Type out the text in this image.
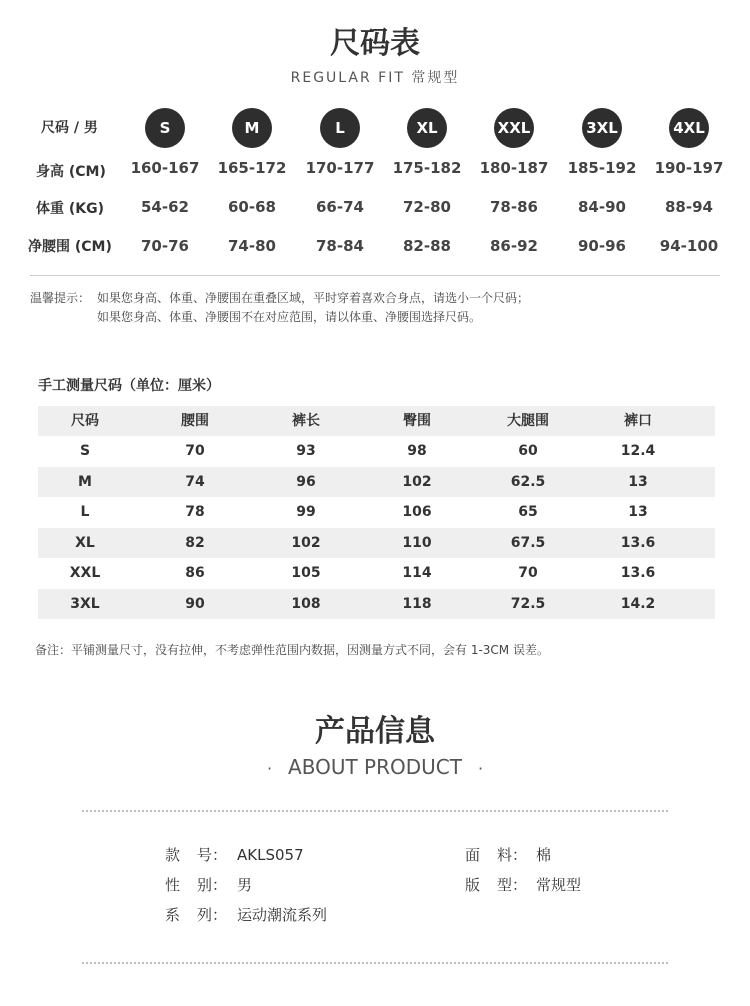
尺码表
REGULAR FIT 常规型
尺码 / 男	S	M	L	XL	XXL	3XL	4XL
身高 (CM)	160-167	165-172	170-177	175-182	180-187	185-192	190-197
体重 (KG)	54-62	60-68	66-74	72-80	78-86	84-90	88-94
净腰围 (CM)	70-76	74-80	78-84	82-88	86-92	90-96	94-100
温馨提示： 如果您身高、体重、净腰围在重叠区域，平时穿着喜欢合身点，请选小一个尺码；
如果您身高、体重、净腰围不在对应范围，请以体重、净腰围选择尺码。
手工测量尺码（单位：厘米）
尺码	腰围	裤长	臀围	大腿围	裤口
S	70	93	98	60	12.4
M	74	96	102	62.5	13
L	78	99	106	65	13
XL	82	102	110	67.5	13.6
XXL	86	105	114	70	13.6
3XL	90	108	118	72.5	14.2
备注：平铺测量尺寸，没有拉伸，不考虑弹性范围内数据，因测量方式不同，会有 1-3CM 误差。
产品信息
· ABOUT PRODUCT ·
款 号： AKLS057
性 别： 男
系 列： 运动潮流系列
面 料： 棉
版 型： 常规型
